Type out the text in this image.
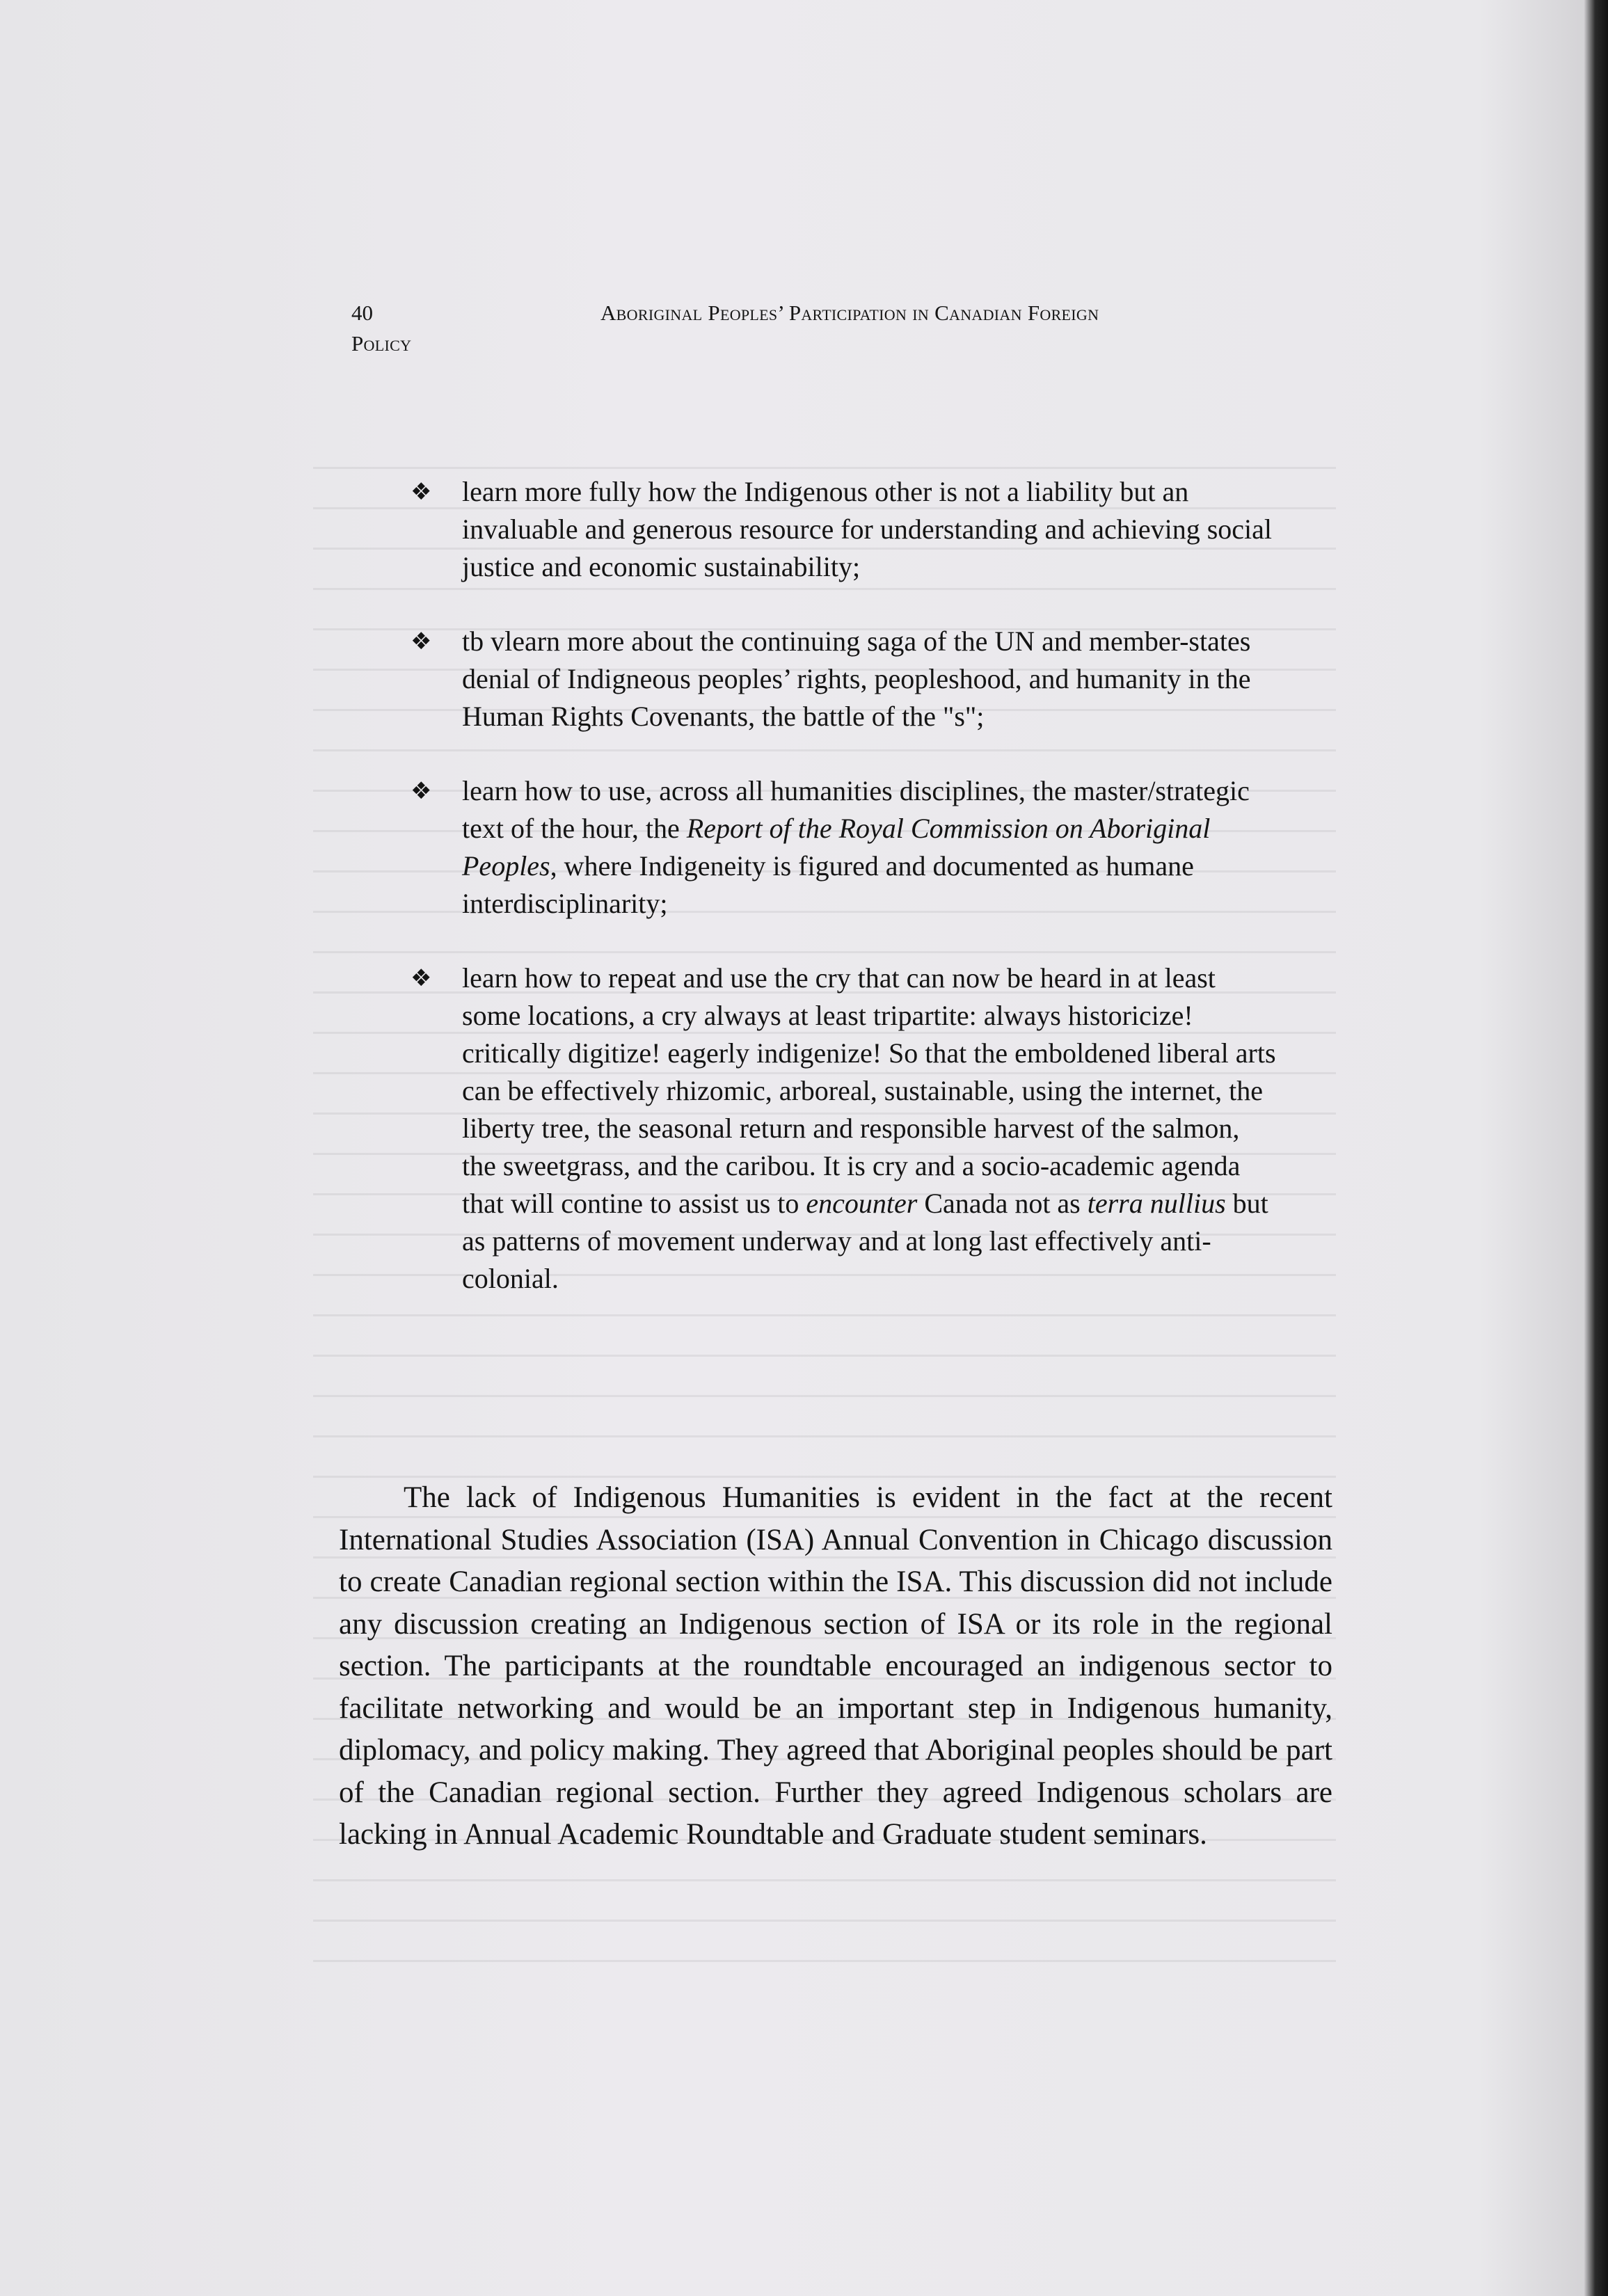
40	Aboriginal Peoples’ Participation in Canadian Foreign
Policy
❖ learn more fully how the Indigenous other is not a liability but an invaluable and generous resource for understanding and achieving social justice and economic sustainability;
❖ tb vlearn more about the continuing saga of the UN and member-states denial of Indigneous peoples’ rights, peopleshood, and humanity in the Human Rights Covenants, the battle of the "s";
❖ learn how to use, across all humanities disciplines, the master/strategic text of the hour, the Report of the Royal Commission on Aboriginal Peoples, where Indigeneity is figured and documented as humane interdisciplinarity;
❖ learn how to repeat and use the cry that can now be heard in at least some locations, a cry always at least tripartite: always historicize! critically digitize! eagerly indigenize! So that the emboldened liberal arts can be effectively rhizomic, arboreal, sustainable, using the internet, the liberty tree, the seasonal return and responsible harvest of the salmon, the sweetgrass, and the caribou. It is cry and a socio-academic agenda that will contine to assist us to encounter Canada not as terra nullius but as patterns of movement underway and at long last effectively anti-colonial.

The lack of Indigenous Humanities is evident in the fact at the recent International Studies Association (ISA) Annual Convention in Chicago discussion to create Canadian regional section within the ISA. This discussion did not include any discussion creating an Indigenous section of ISA or its role in the regional section. The participants at the roundtable encouraged an indigenous sector to facilitate networking and would be an important step in Indigenous humanity, diplomacy, and policy making. They agreed that Aboriginal peoples should be part of the Canadian regional section. Further they agreed Indigenous scholars are lacking in Annual Academic Roundtable and Graduate student seminars.
